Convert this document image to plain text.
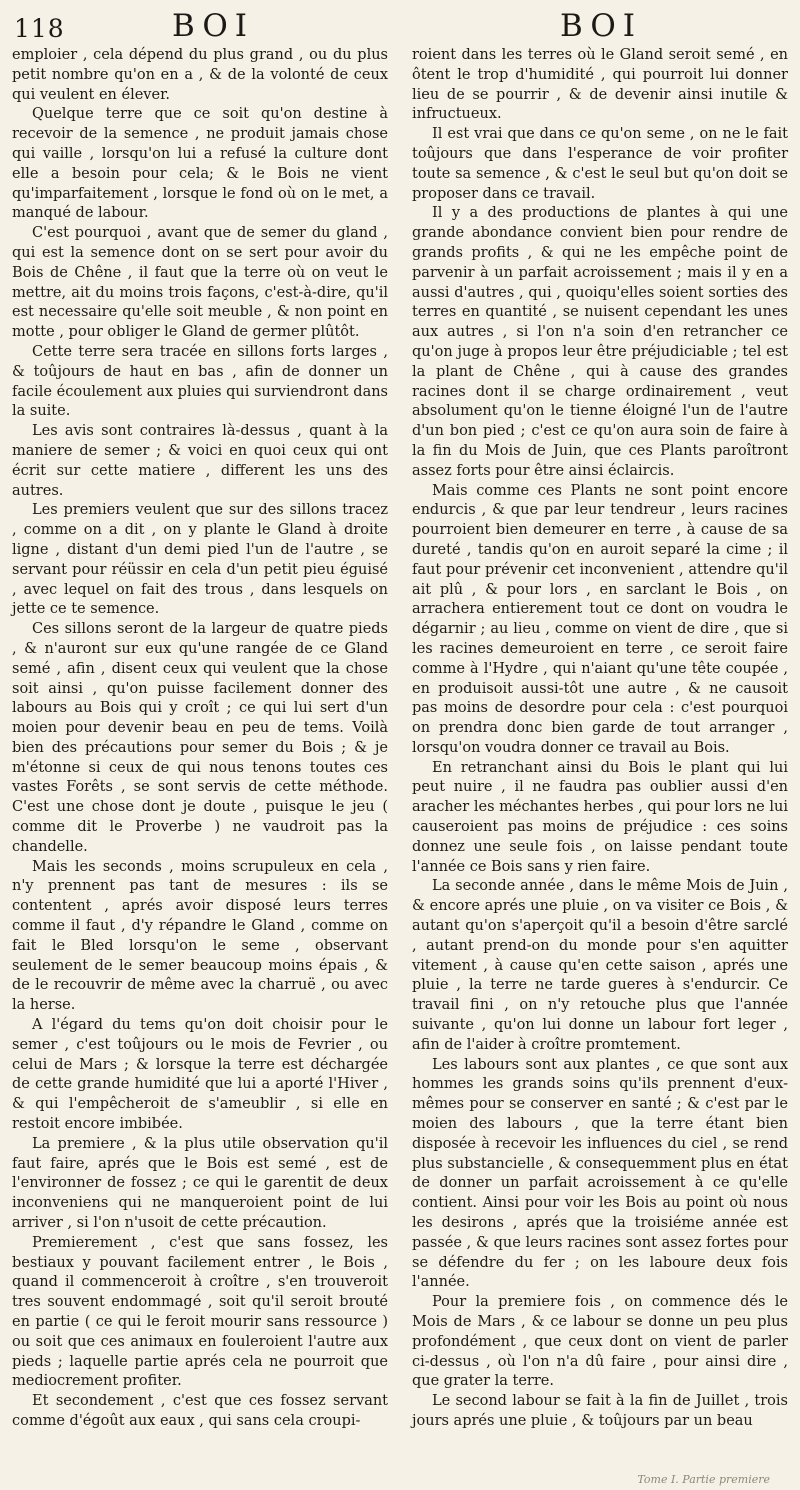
118	BOI	BOI

emploier , cela dépend du plus grand , ou du plus petit nombre qu'on en a , & de la volonté de ceux qui veulent en élever.

Quelque terre que ce soit qu'on destine à recevoir de la semence , ne produit jamais chose qui vaille , lorsqu'on lui a refusé la culture dont elle a besoin pour cela; & le Bois ne vient qu'imparfaitement , lorsque le fond où on le met, a manqué de labour.

C'est pourquoi , avant que de semer du gland , qui est la semence dont on se sert pour avoir du Bois de Chêne , il faut que la terre où on veut le mettre, ait du moins trois façons, c'est-à-dire, qu'il est necessaire qu'elle soit meuble , & non point en motte , pour obliger le Gland de germer plûtôt.

Cette terre sera tracée en sillons forts larges , & toûjours de haut en bas , afin de donner un facile écoulement aux pluies qui surviendront dans la suite.

Les avis sont contraires là-dessus , quant à la maniere de semer ; & voici en quoi ceux qui ont écrit sur cette matiere , different les uns des autres.

Les premiers veulent que sur des sillons tracez , comme on a dit , on y plante le Gland à droite ligne , distant d'un demi pied l'un de l'autre , se servant pour réüssir en cela d'un petit pieu éguisé , avec lequel on fait des trous , dans lesquels on jette ce te semence.

Ces sillons seront de la largeur de quatre pieds , & n'auront sur eux qu'une rangée de ce Gland semé , afin , disent ceux qui veulent que la chose soit ainsi , qu'on puisse facilement donner des labours au Bois qui y croît ; ce qui lui sert d'un moien pour devenir beau en peu de tems. Voilà bien des précautions pour semer du Bois ; & je m'étonne si ceux de qui nous tenons toutes ces vastes Forêts , se sont servis de cette méthode. C'est une chose dont je doute , puisque le jeu ( comme dit le Proverbe ) ne vaudroit pas la chandelle.

Mais les seconds , moins scrupuleux en cela , n'y prennent pas tant de mesures : ils se contentent , aprés avoir disposé leurs terres comme il faut , d'y répandre le Gland , comme on fait le Bled lorsqu'on le seme , observant seulement de le semer beaucoup moins épais , & de le recouvrir de même avec la charruë , ou avec la herse.

A l'égard du tems qu'on doit choisir pour le semer , c'est toûjours ou le mois de Fevrier , ou celui de Mars ; & lorsque la terre est déchargée de cette grande humidité que lui a aporté l'Hiver , & qui l'empêcheroit de s'ameublir , si elle en restoit encore imbibée.

La premiere , & la plus utile observation qu'il faut faire, aprés que le Bois est semé , est de l'environner de fossez ; ce qui le garentit de deux inconveniens qui ne manqueroient point de lui arriver , si l'on n'usoit de cette précaution.

Premierement , c'est que sans fossez, les bestiaux y pouvant facilement entrer , le Bois , quand il commenceroit à croître , s'en trouveroit tres souvent endommagé , soit qu'il seroit brouté en partie ( ce qui le feroit mourir sans ressource ) ou soit que ces animaux en fouleroient l'autre aux pieds ; laquelle partie aprés cela ne pourroit que mediocrement profiter.

Et secondement , c'est que ces fossez servant comme d'égoût aux eaux , qui sans cela croupi-

roient dans les terres où le Gland seroit semé , en ôtent le trop d'humidité , qui pourroit lui donner lieu de se pourrir , & de devenir ainsi inutile & infructueux.

Il est vrai que dans ce qu'on seme , on ne le fait toûjours que dans l'esperance de voir profiter toute sa semence , & c'est le seul but qu'on doit se proposer dans ce travail.

Il y a des productions de plantes à qui une grande abondance convient bien pour rendre de grands profits , & qui ne les empêche point de parvenir à un parfait acroissement ; mais il y en a aussi d'autres , qui , quoiqu'elles soient sorties des terres en quantité , se nuisent cependant les unes aux autres , si l'on n'a soin d'en retrancher ce qu'on juge à propos leur être préjudiciable ; tel est la plant de Chêne , qui à cause des grandes racines dont il se charge ordinairement , veut absolument qu'on le tienne éloigné l'un de l'autre d'un bon pied ; c'est ce qu'on aura soin de faire à la fin du Mois de Juin, que ces Plants paroîtront assez forts pour être ainsi éclaircis.

Mais comme ces Plants ne sont point encore endurcis , & que par leur tendreur , leurs racines pourroient bien demeurer en terre , à cause de sa dureté , tandis qu'on en auroit separé la cime ; il faut pour prévenir cet inconvenient , attendre qu'il ait plû , & pour lors , en sarclant le Bois , on arrachera entierement tout ce dont on voudra le dégarnir ; au lieu , comme on vient de dire , que si les racines demeuroient en terre , ce seroit faire comme à l'Hydre , qui n'aiant qu'une tête coupée , en produisoit aussi-tôt une autre , & ne causoit pas moins de desordre pour cela : c'est pourquoi on prendra donc bien garde de tout arranger , lorsqu'on voudra donner ce travail au Bois.

En retranchant ainsi du Bois le plant qui lui peut nuire , il ne faudra pas oublier aussi d'en aracher les méchantes herbes , qui pour lors ne lui causeroient pas moins de préjudice : ces soins donnez une seule fois , on laisse pendant toute l'année ce Bois sans y rien faire.

La seconde année , dans le même Mois de Juin , & encore aprés une pluie , on va visiter ce Bois , & autant qu'on s'aperçoit qu'il a besoin d'être sarclé , autant prend-on du monde pour s'en aquitter vitement , à cause qu'en cette saison , aprés une pluie , la terre ne tarde gueres à s'endurcir. Ce travail fini , on n'y retouche plus que l'année suivante , qu'on lui donne un labour fort leger , afin de l'aider à croître promtement.

Les labours sont aux plantes , ce que sont aux hommes les grands soins qu'ils prennent d'eux-mêmes pour se conserver en santé ; & c'est par le moien des labours , que la terre étant bien disposée à recevoir les influences du ciel , se rend plus substancielle , & consequemment plus en état de donner un parfait acroissement à ce qu'elle contient. Ainsi pour voir les Bois au point où nous les desirons , aprés que la troisiéme année est passée , & que leurs racines sont assez fortes pour se défendre du fer ; on les laboure deux fois l'année.

Pour la premiere fois , on commence dés le Mois de Mars , & ce labour se donne un peu plus profondément , que ceux dont on vient de parler ci-dessus , où l'on n'a dû faire , pour ainsi dire , que grater la terre.

Le second labour se fait à la fin de Juillet , trois jours aprés une pluie , & toûjours par un beau

Tome I. Partie premiere
